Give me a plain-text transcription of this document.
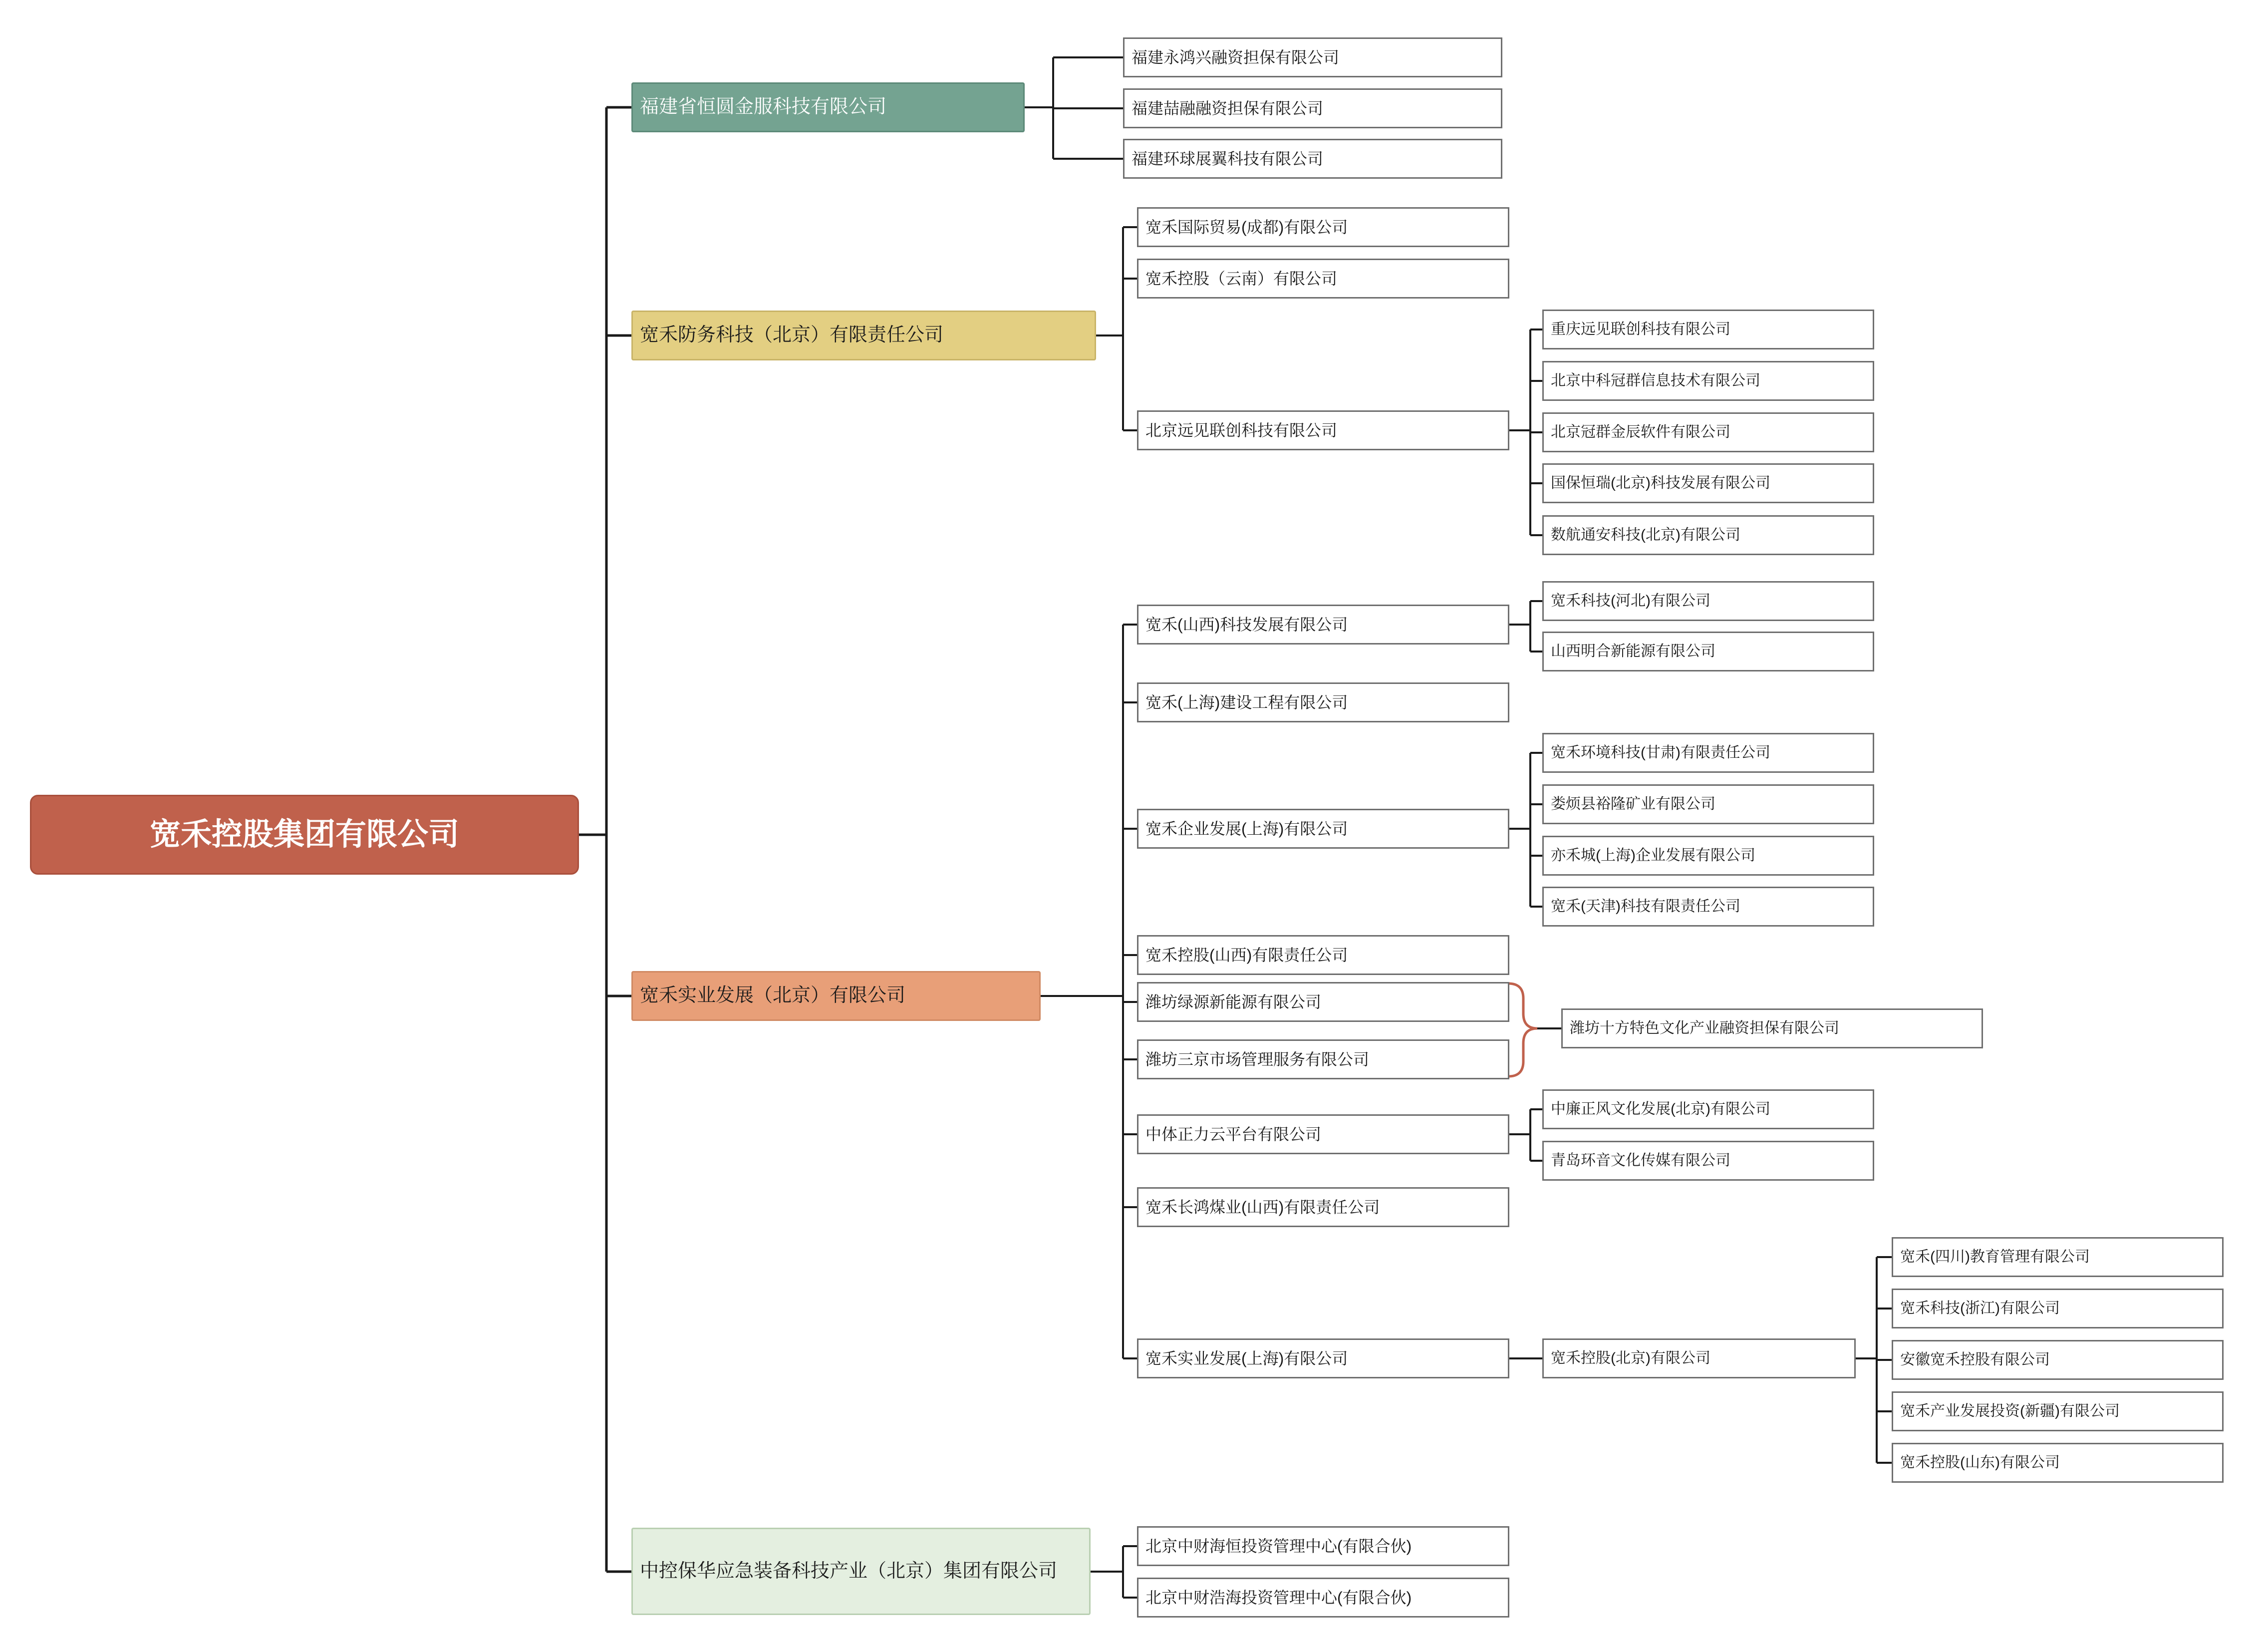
宽禾控股集团有限公司
福建省恒圆金服科技有限公司
宽禾防务科技（北京）有限责任公司
宽禾实业发展（北京）有限公司
中控保华应急装备科技产业（北京）集团有限公司
福建永鸿兴融资担保有限公司
福建喆融融资担保有限公司
福建环球展翼科技有限公司
宽禾国际贸易(成都)有限公司
宽禾控股（云南）有限公司
北京远见联创科技有限公司
重庆远见联创科技有限公司
北京中科冠群信息技术有限公司
北京冠群金辰软件有限公司
国保恒瑞(北京)科技发展有限公司
数航通安科技(北京)有限公司
宽禾(山西)科技发展有限公司
宽禾(上海)建设工程有限公司
宽禾企业发展(上海)有限公司
宽禾控股(山西)有限责任公司
潍坊绿源新能源有限公司
潍坊三京市场管理服务有限公司
中体正力云平台有限公司
宽禾长鸿煤业(山西)有限责任公司
宽禾实业发展(上海)有限公司
宽禾科技(河北)有限公司
山西明合新能源有限公司
宽禾环境科技(甘肃)有限责任公司
娄烦县裕隆矿业有限公司
亦禾城(上海)企业发展有限公司
宽禾(天津)科技有限责任公司
潍坊十方特色文化产业融资担保有限公司
中廉正风文化发展(北京)有限公司
青岛环音文化传媒有限公司
宽禾控股(北京)有限公司
宽禾(四川)教育管理有限公司
宽禾科技(浙江)有限公司
安徽宽禾控股有限公司
宽禾产业发展投资(新疆)有限公司
宽禾控股(山东)有限公司
北京中财海恒投资管理中心(有限合伙)
北京中财浩海投资管理中心(有限合伙)
